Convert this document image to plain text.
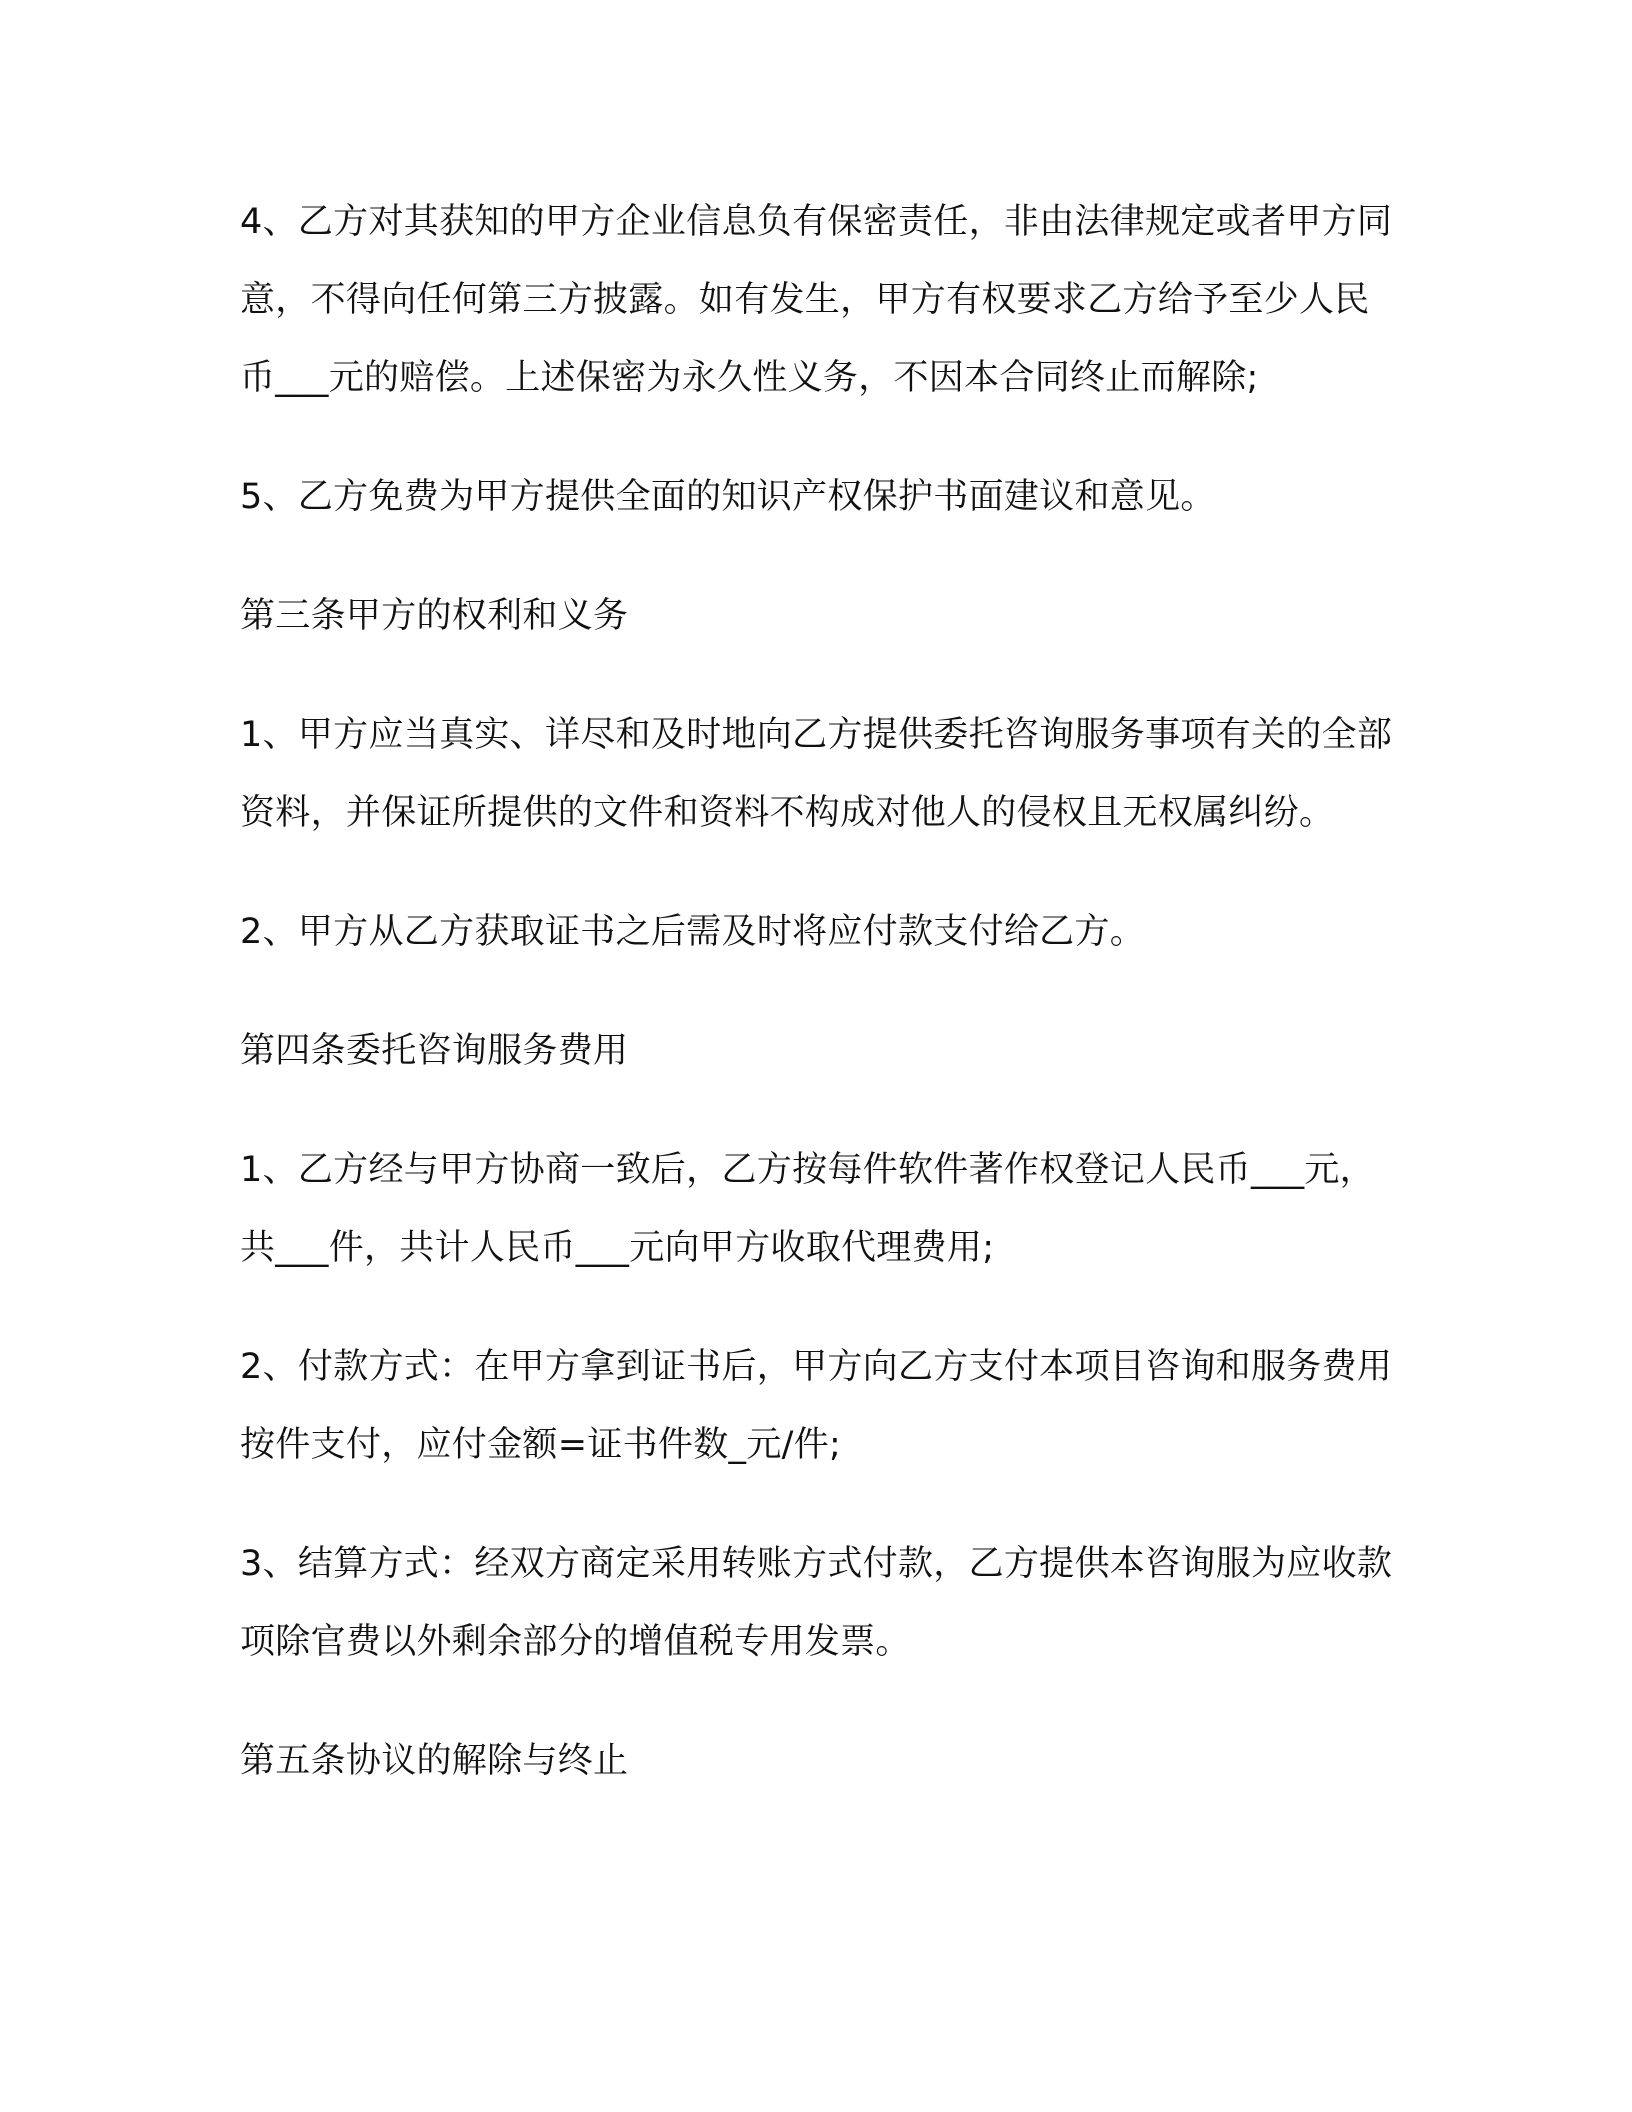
4、乙方对其获知的甲方企业信息负有保密责任，非由法律规定或者甲方同意，不得向任何第三方披露。如有发生，甲方有权要求乙方给予至少人民币___元的赔偿。上述保密为永久性义务，不因本合同终止而解除;

5、乙方免费为甲方提供全面的知识产权保护书面建议和意见。

第三条甲方的权利和义务

1、甲方应当真实、详尽和及时地向乙方提供委托咨询服务事项有关的全部资料，并保证所提供的文件和资料不构成对他人的侵权且无权属纠纷。

2、甲方从乙方获取证书之后需及时将应付款支付给乙方。

第四条委托咨询服务费用

1、乙方经与甲方协商一致后，乙方按每件软件著作权登记人民币___元，共___件，共计人民币___元向甲方收取代理费用;

2、付款方式：在甲方拿到证书后，甲方向乙方支付本项目咨询和服务费用按件支付，应付金额=证书件数_元/件;

3、结算方式：经双方商定采用转账方式付款，乙方提供本咨询服为应收款项除官费以外剩余部分的增值税专用发票。

第五条协议的解除与终止
